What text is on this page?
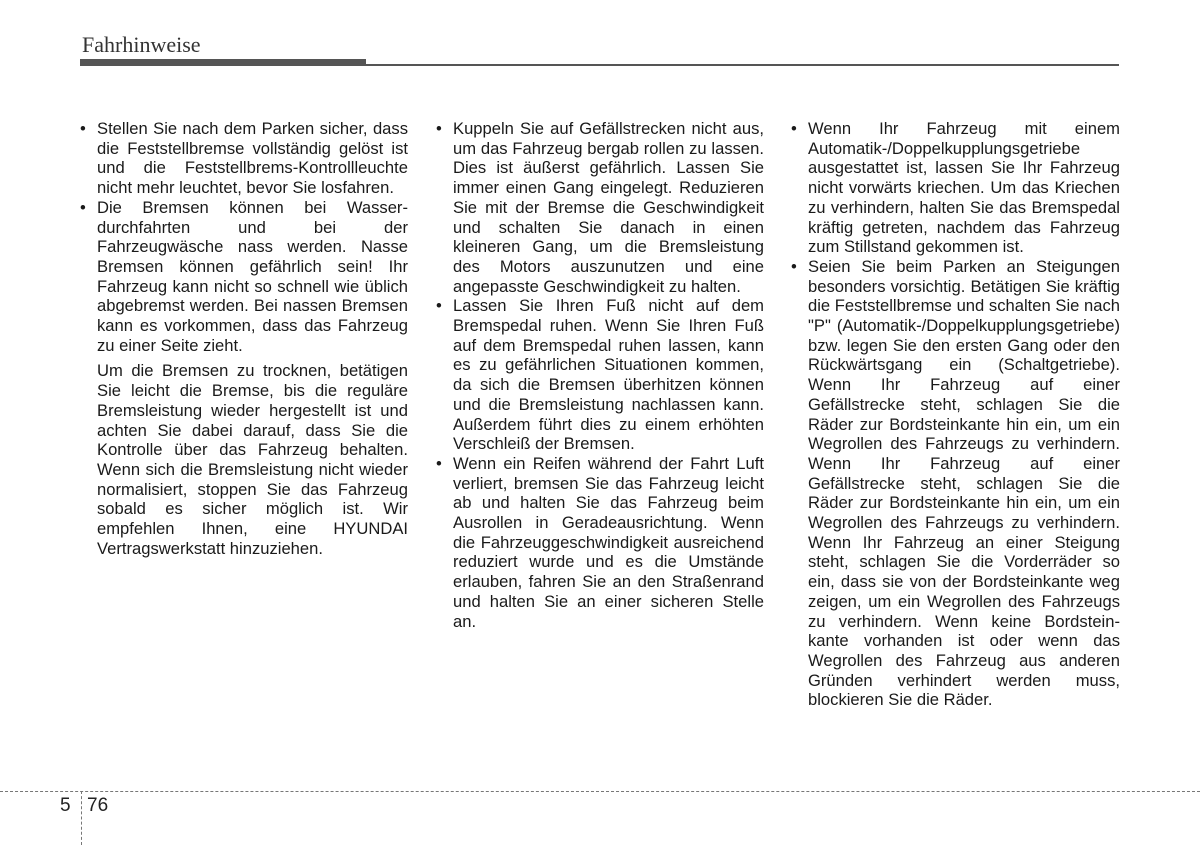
Fahrhinweise

• Stellen Sie nach dem Parken sicher, dass die Feststellbremse vollständig gelöst ist und die Feststellbrems-Kontrollleuchte nicht mehr leuchtet, bevor Sie losfahren.

• Die Bremsen können bei Wasser-durchfahrten und bei der Fahrzeugwäsche nass werden. Nasse Bremsen können gefährlich sein! Ihr Fahrzeug kann nicht so schnell wie üblich abgebremst werden. Bei nassen Bremsen kann es vorkommen, dass das Fahrzeug zu einer Seite zieht.

Um die Bremsen zu trocknen, betätigen Sie leicht die Bremse, bis die reguläre Bremsleistung wieder hergestellt ist und achten Sie dabei darauf, dass Sie die Kontrolle über das Fahrzeug behalten. Wenn sich die Bremsleistung nicht wieder normalisiert, stoppen Sie das Fahrzeug sobald es sicher möglich ist. Wir empfehlen Ihnen, eine HYUNDAI Vertragswerkstatt hinzuziehen.

• Kuppeln Sie auf Gefällstrecken nicht aus, um das Fahrzeug bergab rollen zu lassen. Dies ist äußerst gefährlich. Lassen Sie immer einen Gang eingelegt. Reduzieren Sie mit der Bremse die Geschwindigkeit und schalten Sie danach in einen kleineren Gang, um die Bremsleistung des Motors auszunutzen und eine angepasste Geschwindigkeit zu halten.

• Lassen Sie Ihren Fuß nicht auf dem Bremspedal ruhen. Wenn Sie Ihren Fuß auf dem Bremspedal ruhen lassen, kann es zu gefährlichen Situationen kommen, da sich die Bremsen überhitzen können und die Bremsleistung nachlassen kann. Außerdem führt dies zu einem erhöhten Verschleiß der Bremsen.

• Wenn ein Reifen während der Fahrt Luft verliert, bremsen Sie das Fahrzeug leicht ab und halten Sie das Fahrzeug beim Ausrollen in Geradeausrichtung. Wenn die Fahrzeuggeschwindigkeit ausreichend reduziert wurde und es die Umstände erlauben, fahren Sie an den Straßenrand und halten Sie an einer sicheren Stelle an.

• Wenn Ihr Fahrzeug mit einem Automatik-/Doppelkupplungsgetriebe ausgestattet ist, lassen Sie Ihr Fahrzeug nicht vorwärts kriechen. Um das Kriechen zu verhindern, halten Sie das Bremspedal kräftig getreten, nachdem das Fahrzeug zum Stillstand gekommen ist.

• Seien Sie beim Parken an Steigungen besonders vorsichtig. Betätigen Sie kräftig die Feststellbremse und schalten Sie nach "P" (Automatik-/Doppelkupplungsgetriebe) bzw. legen Sie den ersten Gang oder den Rückwärtsgang ein (Schaltgetriebe). Wenn Ihr Fahrzeug auf einer Gefällstrecke steht, schlagen Sie die Räder zur Bordsteinkante hin ein, um ein Wegrollen des Fahrzeugs zu verhindern. Wenn Ihr Fahrzeug auf einer Gefällstrecke steht, schlagen Sie die Räder zur Bordsteinkante hin ein, um ein Wegrollen des Fahrzeugs zu verhindern. Wenn Ihr Fahrzeug an einer Steigung steht, schlagen Sie die Vorderräder so ein, dass sie von der Bordsteinkante weg zeigen, um ein Wegrollen des Fahrzeugs zu verhindern. Wenn keine Bordstein-kante vorhanden ist oder wenn das Wegrollen des Fahrzeug aus anderen Gründen verhindert werden muss, blockieren Sie die Räder.

5 76
